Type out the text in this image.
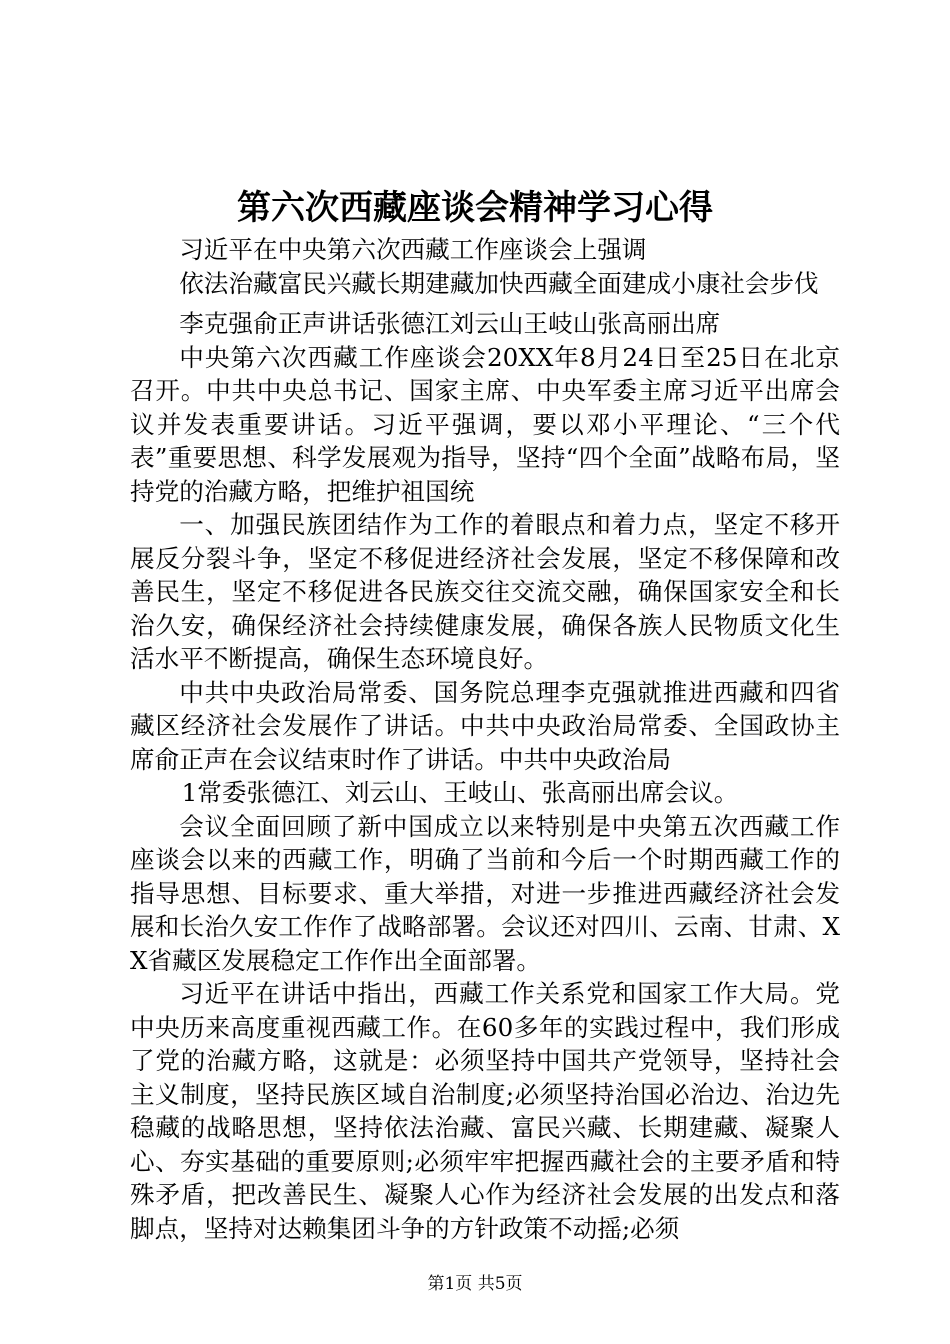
第六次西藏座谈会精神学习心得

习近平在中央第六次西藏工作座谈会上强调

依法治藏富民兴藏长期建藏加快西藏全面建成小康社会步伐

李克强俞正声讲话张德江刘云山王岐山张高丽出席

中央第六次西藏工作座谈会20XX年8月24日至25日在北京召开。中共中央总书记、国家主席、中央军委主席习近平出席会议并发表重要讲话。习近平强调，要以邓小平理论、“三个代表”重要思想、科学发展观为指导，坚持“四个全面”战略布局，坚持党的治藏方略，把维护祖国统

一、加强民族团结作为工作的着眼点和着力点，坚定不移开展反分裂斗争，坚定不移促进经济社会发展，坚定不移保障和改善民生，坚定不移促进各民族交往交流交融，确保国家安全和长治久安，确保经济社会持续健康发展，确保各族人民物质文化生活水平不断提高，确保生态环境良好。

中共中央政治局常委、国务院总理李克强就推进西藏和四省藏区经济社会发展作了讲话。中共中央政治局常委、全国政协主席俞正声在会议结束时作了讲话。中共中央政治局

1常委张德江、刘云山、王岐山、张高丽出席会议。

会议全面回顾了新中国成立以来特别是中央第五次西藏工作座谈会以来的西藏工作，明确了当前和今后一个时期西藏工作的指导思想、目标要求、重大举措，对进一步推进西藏经济社会发展和长治久安工作作了战略部署。会议还对四川、云南、甘肃、XX省藏区发展稳定工作作出全面部署。

习近平在讲话中指出，西藏工作关系党和国家工作大局。党中央历来高度重视西藏工作。在60多年的实践过程中，我们形成了党的治藏方略，这就是：必须坚持中国共产党领导，坚持社会主义制度，坚持民族区域自治制度;必须坚持治国必治边、治边先稳藏的战略思想，坚持依法治藏、富民兴藏、长期建藏、凝聚人心、夯实基础的重要原则;必须牢牢把握西藏社会的主要矛盾和特殊矛盾，把改善民生、凝聚人心作为经济社会发展的出发点和落脚点，坚持对达赖集团斗争的方针政策不动摇;必须

第1页 共5页
